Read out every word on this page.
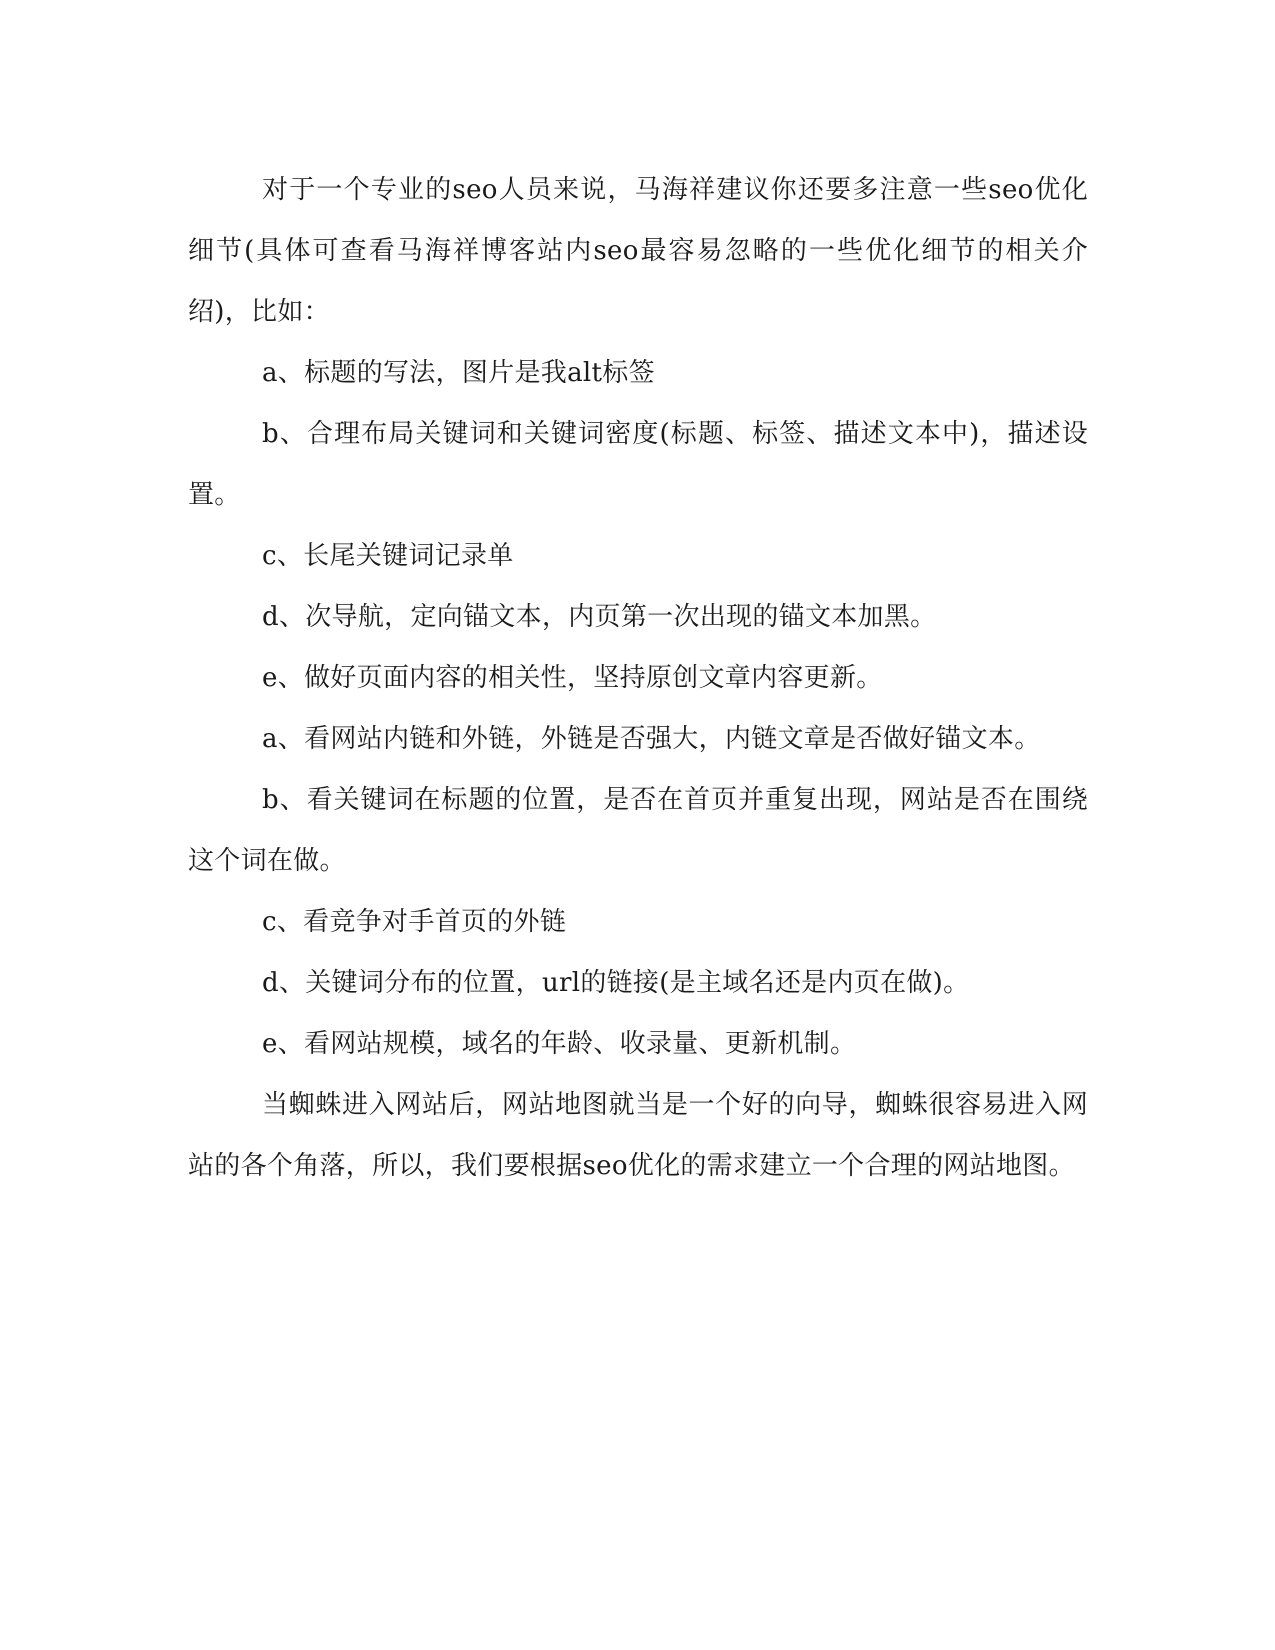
对于一个专业的seo人员来说，马海祥建议你还要多注意一些seo优化细节(具体可查看马海祥博客站内seo最容易忽略的一些优化细节的相关介绍)，比如：

a、标题的写法，图片是我alt标签

b、合理布局关键词和关键词密度(标题、标签、描述文本中)，描述设置。

c、长尾关键词记录单

d、次导航，定向锚文本，内页第一次出现的锚文本加黑。

e、做好页面内容的相关性，坚持原创文章内容更新。

a、看网站内链和外链，外链是否强大，内链文章是否做好锚文本。

b、看关键词在标题的位置，是否在首页并重复出现，网站是否在围绕这个词在做。

c、看竞争对手首页的外链

d、关键词分布的位置，url的链接(是主域名还是内页在做)。

e、看网站规模，域名的年龄、收录量、更新机制。

当蜘蛛进入网站后，网站地图就当是一个好的向导，蜘蛛很容易进入网站的各个角落，所以，我们要根据seo优化的需求建立一个合理的网站地图。
